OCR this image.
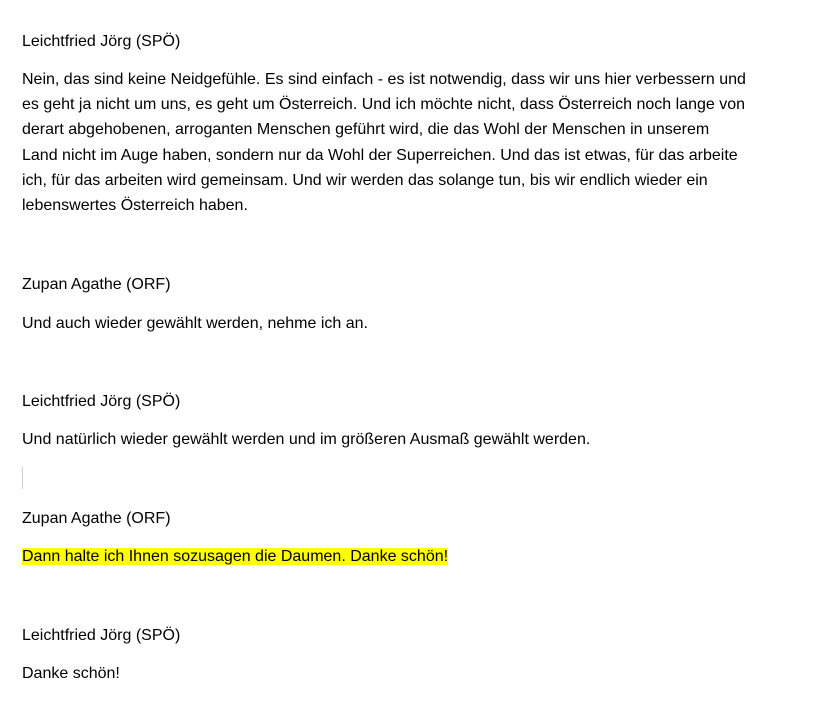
Leichtfried Jörg (SPÖ)
Nein, das sind keine Neidgefühle. Es sind einfach - es ist notwendig, dass wir uns hier verbessern und
es geht ja nicht um uns, es geht um Österreich. Und ich möchte nicht, dass Österreich noch lange von
derart abgehobenen, arroganten Menschen geführt wird, die das Wohl der Menschen in unserem
Land nicht im Auge haben, sondern nur da Wohl der Superreichen. Und das ist etwas, für das arbeite
ich, für das arbeiten wird gemeinsam. Und wir werden das solange tun, bis wir endlich wieder ein
lebenswertes Österreich haben.
Zupan Agathe (ORF)
Und auch wieder gewählt werden, nehme ich an.
Leichtfried Jörg (SPÖ)
Und natürlich wieder gewählt werden und im größeren Ausmaß gewählt werden.
Zupan Agathe (ORF)
Dann halte ich Ihnen sozusagen die Daumen. Danke schön!
Leichtfried Jörg (SPÖ)
Danke schön!
